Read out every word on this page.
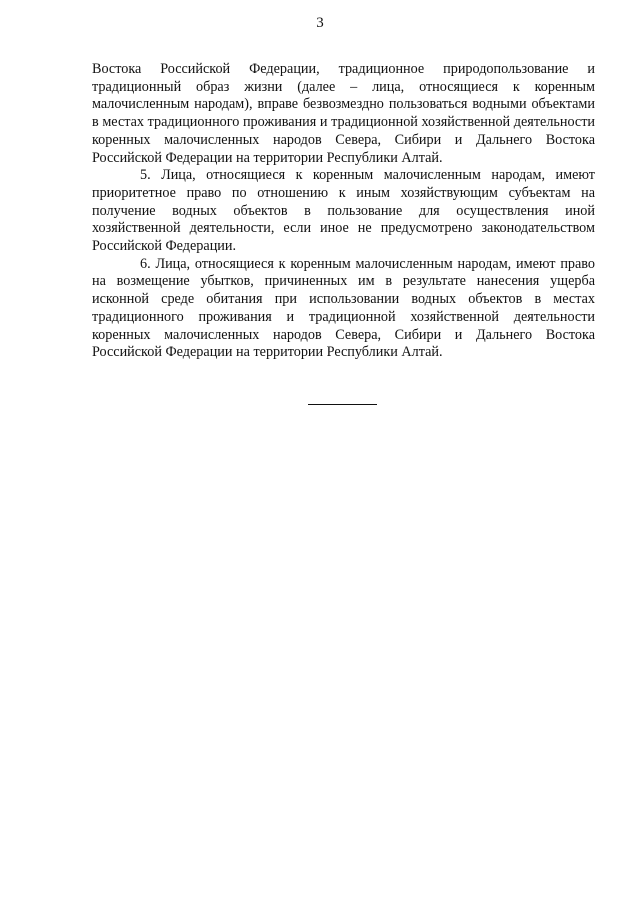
3

Востока Российской Федерации, традиционное природопользование и традиционный образ жизни (далее – лица, относящиеся к коренным малочисленным народам), вправе безвозмездно пользоваться водными объектами в местах традиционного проживания и традиционной хозяйственной деятельности коренных малочисленных народов Севера, Сибири и Дальнего Востока Российской Федерации на территории Республики Алтай.

5. Лица, относящиеся к коренным малочисленным народам, имеют приоритетное право по отношению к иным хозяйствующим субъектам на получение водных объектов в пользование для осуществления иной хозяйственной деятельности, если иное не предусмотрено законодательством Российской Федерации.

6. Лица, относящиеся к коренным малочисленным народам, имеют право на возмещение убытков, причиненных им в результате нанесения ущерба исконной среде обитания при использовании водных объектов в местах традиционного проживания и традиционной хозяйственной деятельности коренных малочисленных народов Севера, Сибири и Дальнего Востока Российской Федерации на территории Республики Алтай.
